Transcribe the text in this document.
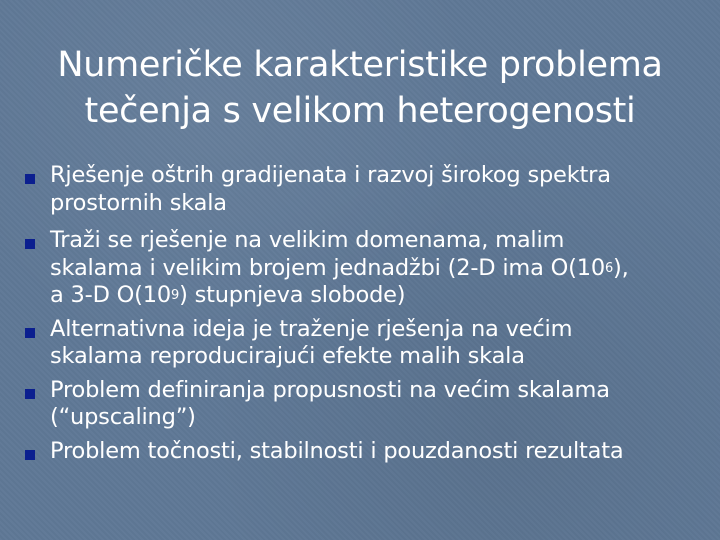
Numeričke karakteristike problema
tečenja s velikom heterogenosti
Rješenje oštrih gradijenata i razvoj širokog spektra
prostornih skala
Traži se rješenje na velikim domenama, malim
skalama i velikim brojem jednadžbi (2-D ima $O(10^6)$,
a 3-D $O(10^9)$ stupnjeva slobode)
Alternativna ideja je traženje rješenja na većim
skalama reproducirajući efekte malih skala
Problem definiranja propusnosti na većim skalama
(“upscaling”)
Problem točnosti, stabilnosti i pouzdanosti rezultata
